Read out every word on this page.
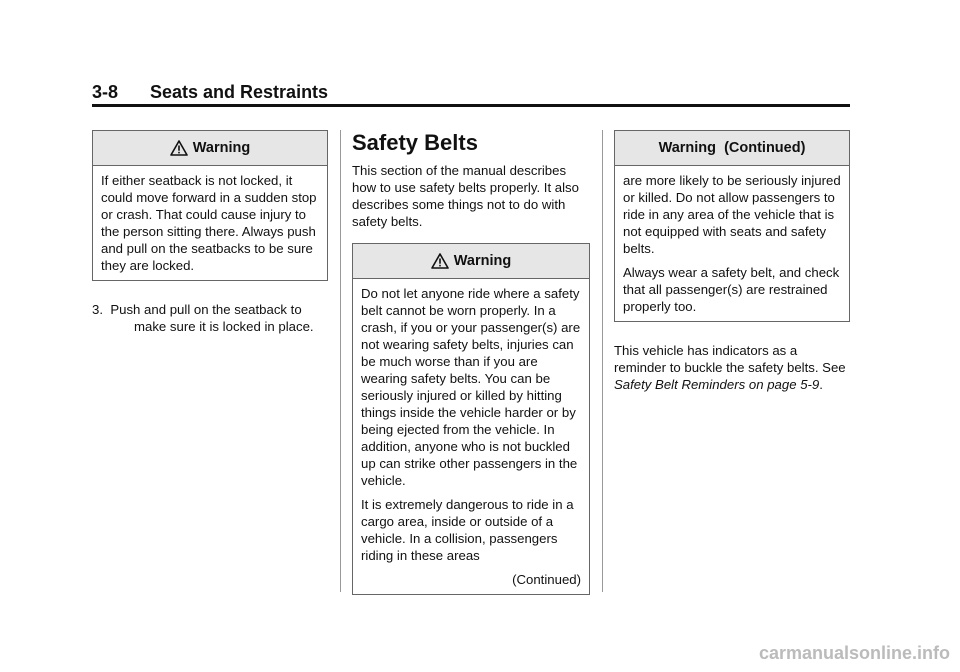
3-8 Seats and Restraints
Warning

If either seatback is not locked, it could move forward in a sudden stop or crash. That could cause injury to the person sitting there. Always push and pull on the seatbacks to be sure they are locked.

3. Push and pull on the seatback to
make sure it is locked in place.
Safety Belts
This section of the manual describes how to use safety belts properly. It also describes some things not to do with safety belts.
Warning

Do not let anyone ride where a safety belt cannot be worn properly. In a crash, if you or your passenger(s) are not wearing safety belts, injuries can be much worse than if you are wearing safety belts. You can be seriously injured or killed by hitting things inside the vehicle harder or by being ejected from the vehicle. In addition, anyone who is not buckled up can strike other passengers in the vehicle.

It is extremely dangerous to ride in a cargo area, inside or outside of a vehicle. In a collision, passengers riding in these areas

(Continued)
Warning  (Continued)

are more likely to be seriously injured or killed. Do not allow passengers to ride in any area of the vehicle that is not equipped with seats and safety belts.

Always wear a safety belt, and check that all passenger(s) are restrained properly too.

This vehicle has indicators as a reminder to buckle the safety belts. See Safety Belt Reminders on page 5-9.
carmanualsonline.info
